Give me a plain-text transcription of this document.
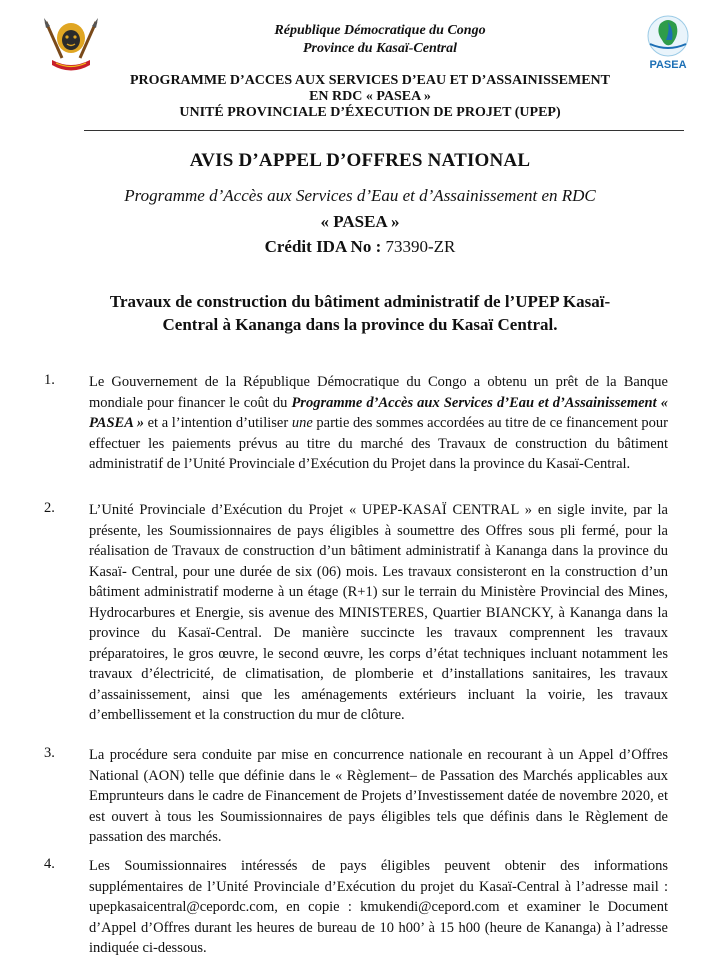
PASEA
République Démocratique du Congo
Province du Kasaï-Central
PROGRAMME D’ACCES AUX SERVICES D’EAU ET D’ASSAINISSEMENT
EN RDC « PASEA »
UNITÉ PROVINCIALE D’ÉXECUTION DE PROJET (UPEP)
AVIS D’APPEL D’OFFRES NATIONAL
Programme d’Accès aux Services d’Eau et d’Assainissement en RDC
« PASEA »
Crédit IDA No : 73390-ZR
Travaux de construction du bâtiment administratif de l’UPEP Kasaï-
Central à Kananga dans la province du Kasaï Central.
1. Le Gouvernement de la République Démocratique du Congo a obtenu un prêt de la Banque mondiale pour financer le coût du Programme d’Accès aux Services d’Eau et d’Assainissement « PASEA » et a l’intention d’utiliser une partie des sommes accordées au titre de ce financement pour effectuer les paiements prévus au titre du marché des Travaux de construction du bâtiment administratif de l’Unité Provinciale d’Exécution du Projet dans la province du Kasaï-Central.
2. L’Unité Provinciale d’Exécution du Projet « UPEP-KASAÏ CENTRAL » en sigle invite, par la présente, les Soumissionnaires de pays éligibles à soumettre des Offres sous pli fermé, pour la réalisation de Travaux de construction d’un bâtiment administratif à Kananga dans la province du Kasaï- Central, pour une durée de six (06) mois. Les travaux consisteront en la construction d’un bâtiment administratif moderne à un étage (R+1) sur le terrain du Ministère Provincial des Mines, Hydrocarbures et Energie, sis avenue des MINISTERES, Quartier BIANCKY, à Kananga dans la province du Kasaï-Central. De manière succincte les travaux comprennent les travaux préparatoires, le gros œuvre, le second œuvre, les corps d’état techniques incluant notamment les travaux d’électricité, de climatisation, de plomberie et d’installations sanitaires, les travaux d’assainissement, ainsi que les aménagements extérieurs incluant la voirie, les travaux d’embellissement et la construction du mur de clôture.
3. La procédure sera conduite par mise en concurrence nationale en recourant à un Appel d’Offres National (AON) telle que définie dans le « Règlement– de Passation des Marchés applicables aux Emprunteurs dans le cadre de Financement de Projets d’Investissement datée de novembre 2020, et est ouvert à tous les Soumissionnaires de pays éligibles tels que définis dans le Règlement de passation des marchés.
4. Les Soumissionnaires intéressés de pays éligibles peuvent obtenir des informations supplémentaires de l’Unité Provinciale d’Exécution du projet du Kasaï-Central à l’adresse mail : upepkasaicentral@cepordc.com, en copie : kmukendi@cepord.com et examiner le Document d’Appel d’Offres durant les heures de bureau de 10 h00’ à 15 h00 (heure de Kananga) à l’adresse indiquée ci-dessous.
